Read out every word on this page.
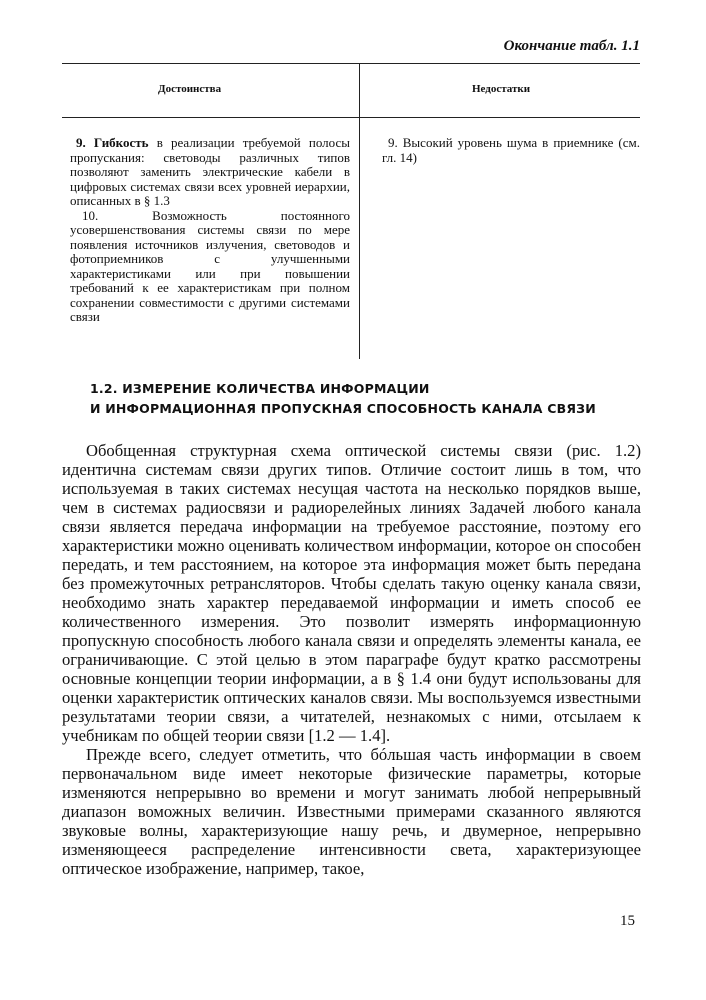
Окончание табл. 1.1
Достоинства	Недостатки

9. Гибкость в реализации требуемой полосы пропускания: световоды различных типов позволяют заменить электрические кабели в цифровых системах связи всех уровней иерархии, описанных в § 1.3

10. Возможность постоянного усовершенствования системы связи по мере появления источников излучения, световодов и фотоприемников с улучшенными характеристиками или при повышении требований к ее характеристикам при полном сохранении совместимости с другими системами связи

9. Высокий уровень шума в приемнике (см. гл. 14)

1.2. ИЗМЕРЕНИЕ КОЛИЧЕСТВА ИНФОРМАЦИИ
И ИНФОРМАЦИОННАЯ ПРОПУСКНАЯ СПОСОБНОСТЬ КАНАЛА СВЯЗИ

Обобщенная структурная схема оптической системы связи (рис. 1.2) идентична системам связи других типов. Отличие состоит лишь в том, что используемая в таких системах несущая частота на несколько порядков выше, чем в системах радиосвязи и радиорелейных линиях Задачей любого канала связи является передача информации на требуемое расстояние, поэтому его характеристики можно оценивать количеством информации, которое он способен передать, и тем расстоянием, на которое эта информация может быть передана без промежуточных ретрансляторов. Чтобы сделать такую оценку канала связи, необходимо знать характер передаваемой информации и иметь способ ее количественного измерения. Это позволит измерять информационную пропускную способность любого канала связи и определять элементы канала, ее ограничивающие. С этой целью в этом параграфе будут кратко рассмотрены основные концепции теории информации, а в § 1.4 они будут использованы для оценки характеристик оптических каналов связи. Мы воспользуемся известными результатами теории связи, а читателей, незнакомых с ними, отсылаем к учебникам по общей теории связи [1.2 — 1.4].

Прежде всего, следует отметить, что бóльшая часть информации в своем первоначальном виде имеет некоторые физические параметры, которые изменяются непрерывно во времени и могут занимать любой непрерывный диапазон воможных величин. Известными примерами сказанного являются звуковые волны, характеризующие нашу речь, и двумерное, непрерывно изменяющееся распределение интенсивности света, характеризующее оптическое изображение, например, такое,

15
